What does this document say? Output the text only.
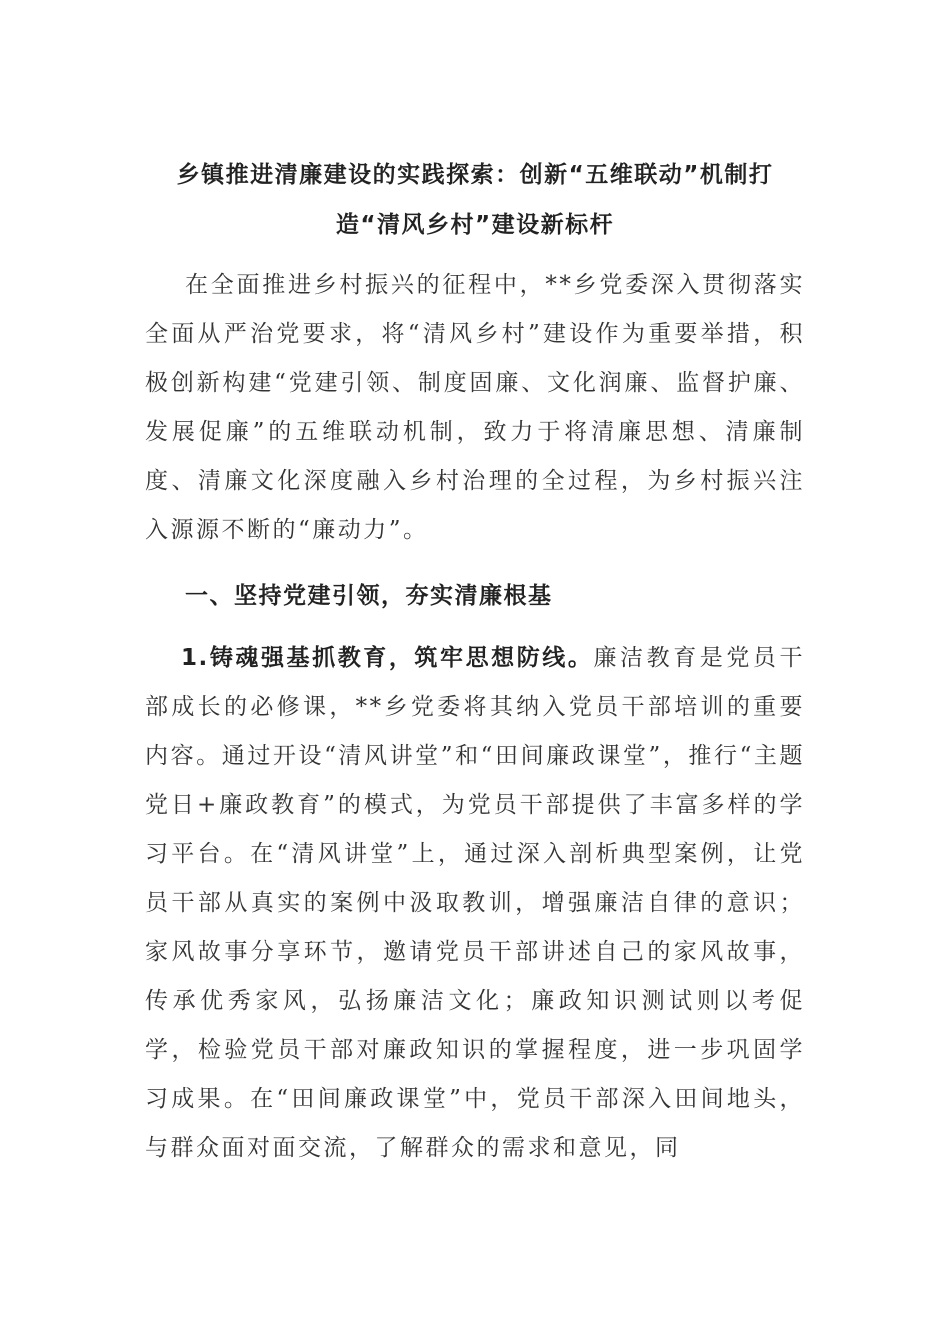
乡镇推进清廉建设的实践探索：创新“五维联动”机制打造“清风乡村”建设新标杆

在全面推进乡村振兴的征程中，**乡党委深入贯彻落实全面从严治党要求，将“清风乡村”建设作为重要举措，积极创新构建“党建引领、制度固廉、文化润廉、监督护廉、发展促廉”的五维联动机制，致力于将清廉思想、清廉制度、清廉文化深度融入乡村治理的全过程，为乡村振兴注入源源不断的“廉动力”。

一、坚持党建引领，夯实清廉根基

1.铸魂强基抓教育，筑牢思想防线。廉洁教育是党员干部成长的必修课，**乡党委将其纳入党员干部培训的重要内容。通过开设“清风讲堂”和“田间廉政课堂”，推行“主题党日+廉政教育”的模式，为党员干部提供了丰富多样的学习平台。在“清风讲堂”上，通过深入剖析典型案例，让党员干部从真实的案例中汲取教训，增强廉洁自律的意识；家风故事分享环节，邀请党员干部讲述自己的家风故事，传承优秀家风，弘扬廉洁文化；廉政知识测试则以考促学，检验党员干部对廉政知识的掌握程度，进一步巩固学习成果。在“田间廉政课堂”中，党员干部深入田间地头，与群众面对面交流，了解群众的需求和意见，同
